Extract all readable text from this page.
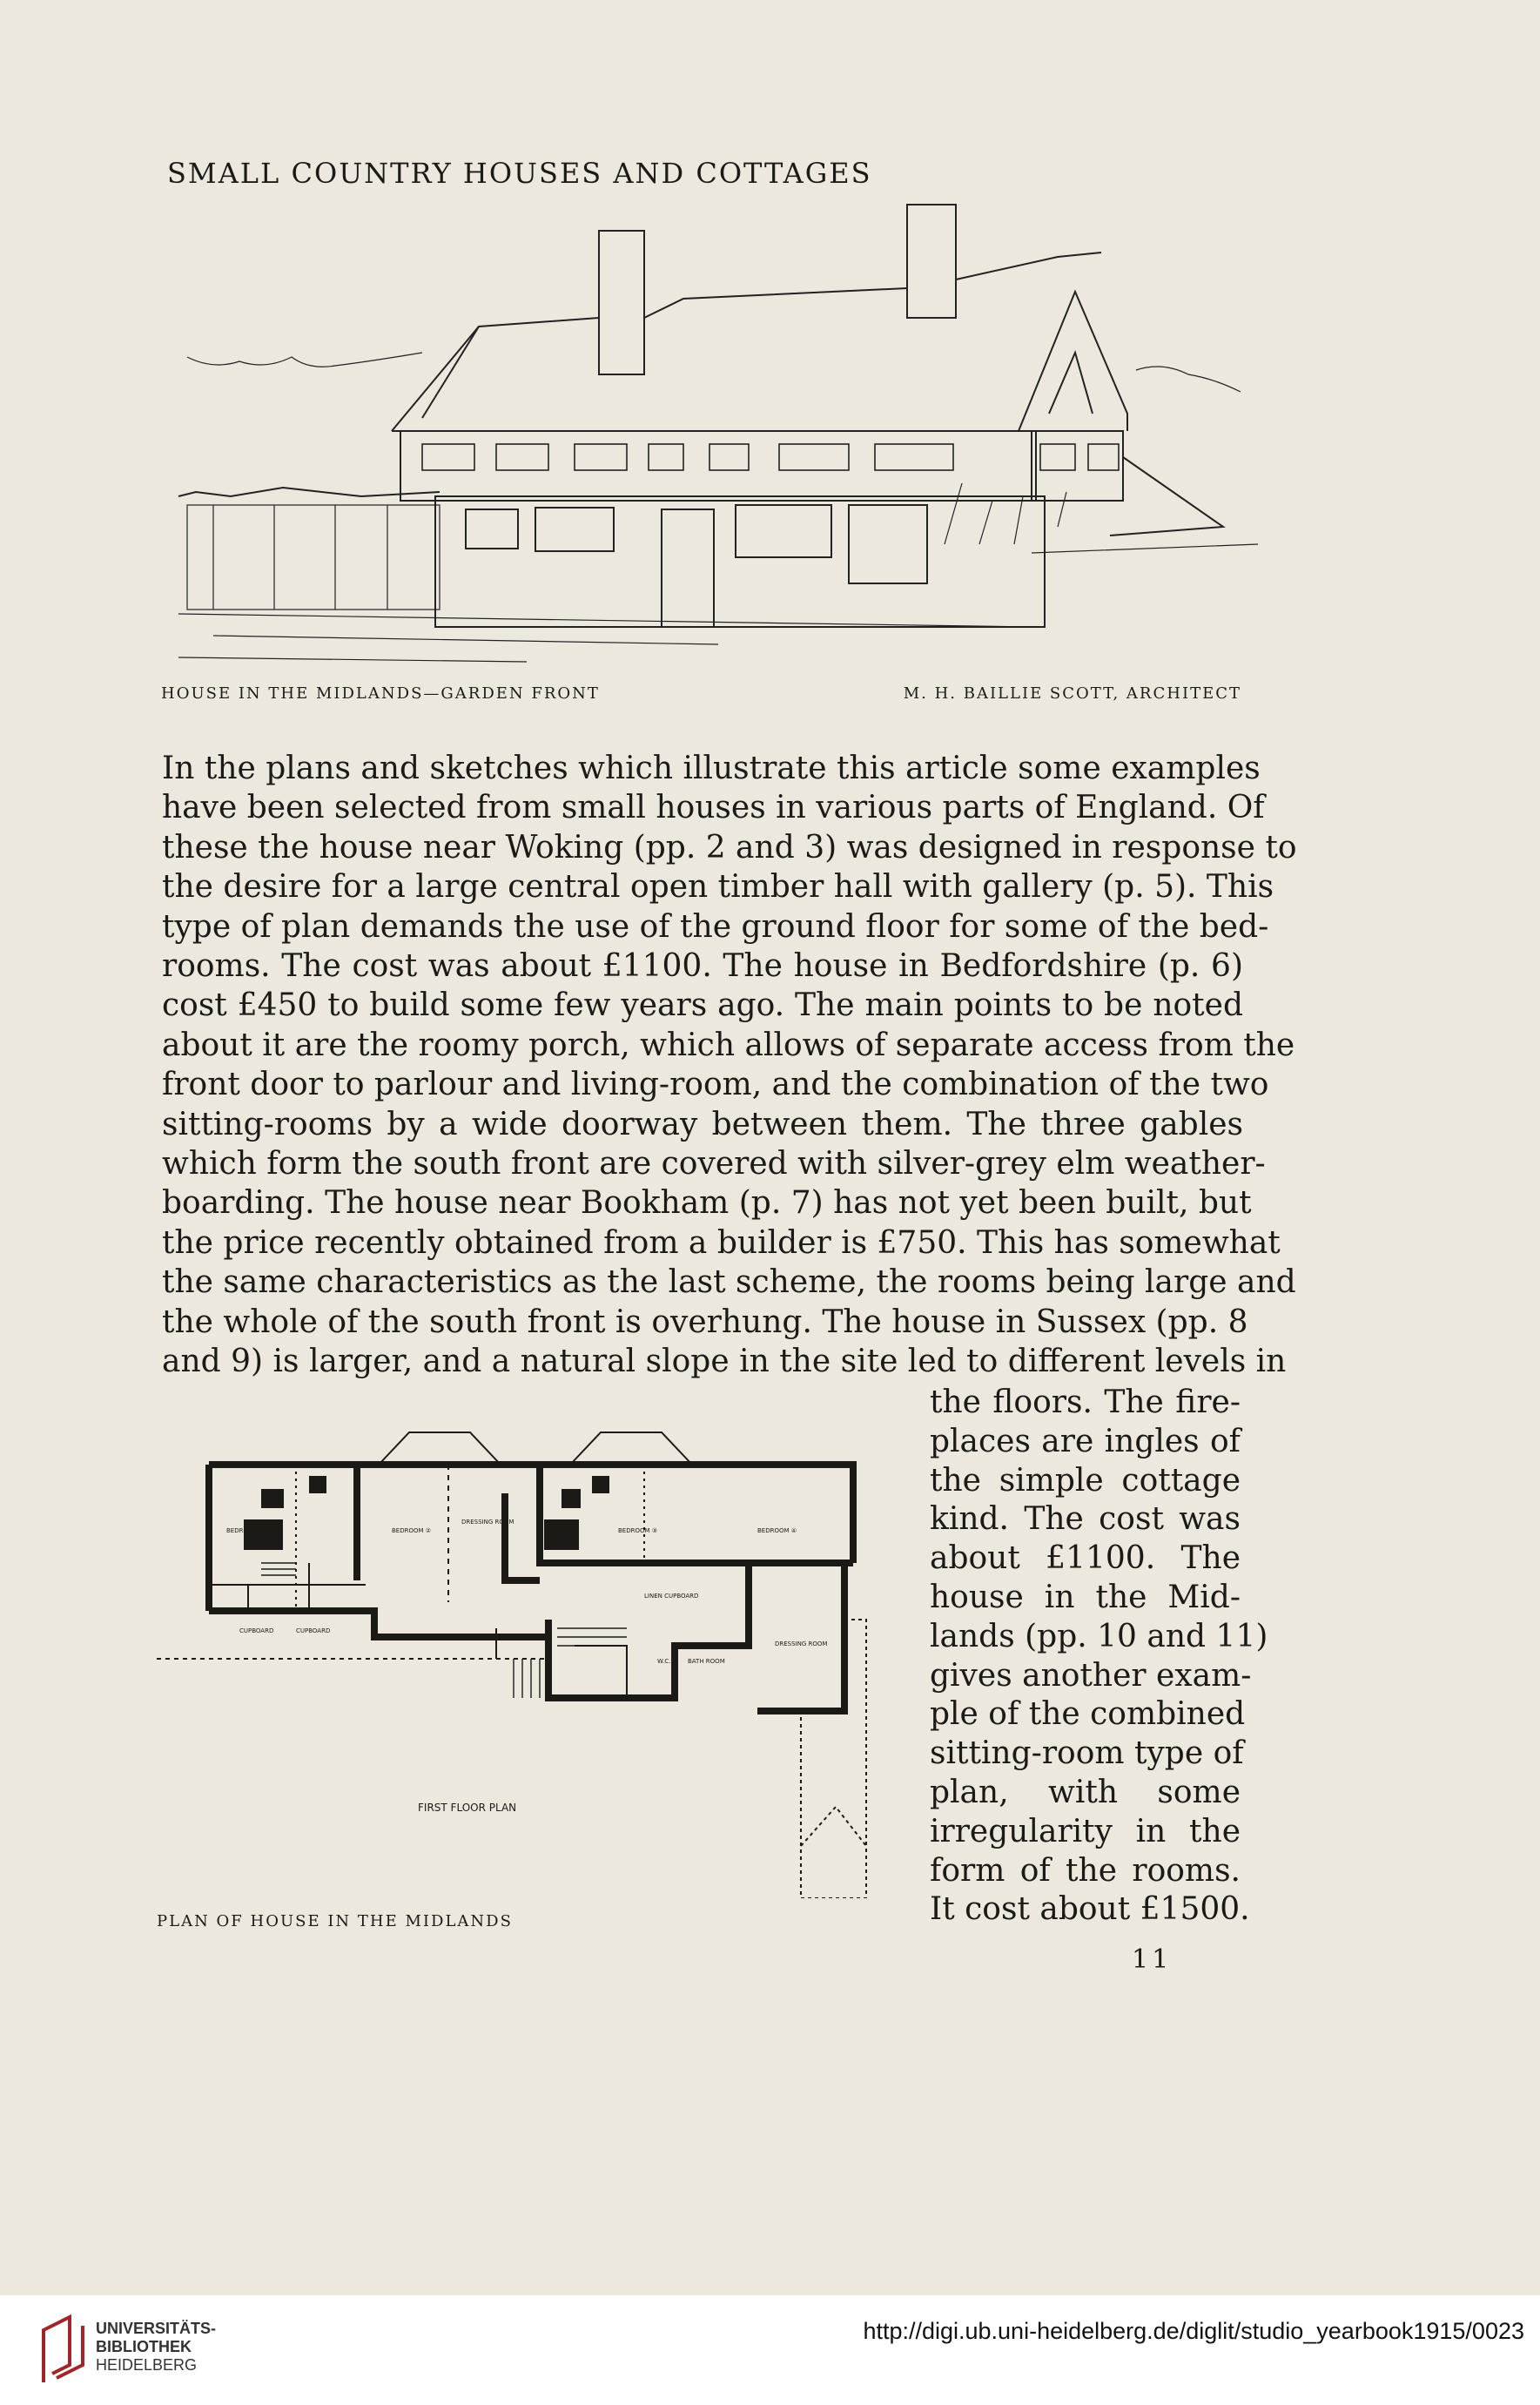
SMALL COUNTRY HOUSES AND COTTAGES
HOUSE IN THE MIDLANDS—GARDEN FRONT	M. H. BAILLIE SCOTT, ARCHITECT
In the plans and sketches which illustrate this article some examples
have been selected from small houses in various parts of England. Of
these the house near Woking (pp. 2 and 3) was designed in response to
the desire for a large central open timber hall with gallery (p. 5). This
type of plan demands the use of the ground floor for some of the bed-
rooms. The cost was about £1100. The house in Bedfordshire (p. 6)
cost £450 to build some few years ago. The main points to be noted
about it are the roomy porch, which allows of separate access from the
front door to parlour and living-room, and the combination of the two
sitting-rooms by a wide doorway between them. The three gables
which form the south front are covered with silver-grey elm weather-
boarding. The house near Bookham (p. 7) has not yet been built, but
the price recently obtained from a builder is £750. This has somewhat
the same characteristics as the last scheme, the rooms being large and
the whole of the south front is overhung. The house in Sussex (pp. 8
and 9) is larger, and a natural slope in the site led to different levels in
the floors. The fire-
places are ingles of
the simple cottage
kind. The cost was
about £1100. The
house in the Mid-
lands (pp. 10 and 11)
gives another exam-
ple of the combined
sitting-room type of
plan, with some
irregularity in the
form of the rooms.
It cost about £1500.
BEDROOM ①	BEDROOM ②
DRESSING ROOM
BEDROOM ③	BEDROOM ④
DRESSING ROOM
W.C.	BATH ROOM
CUPBOARD	CUPBOARD
LINEN CUPBOARD
FIRST FLOOR PLAN
PLAN OF HOUSE IN THE MIDLANDS
11
UNIVERSITÄTS-
BIBLIOTHEK
HEIDELBERG
http://digi.ub.uni-heidelberg.de/diglit/studio_yearbook1915/0023
